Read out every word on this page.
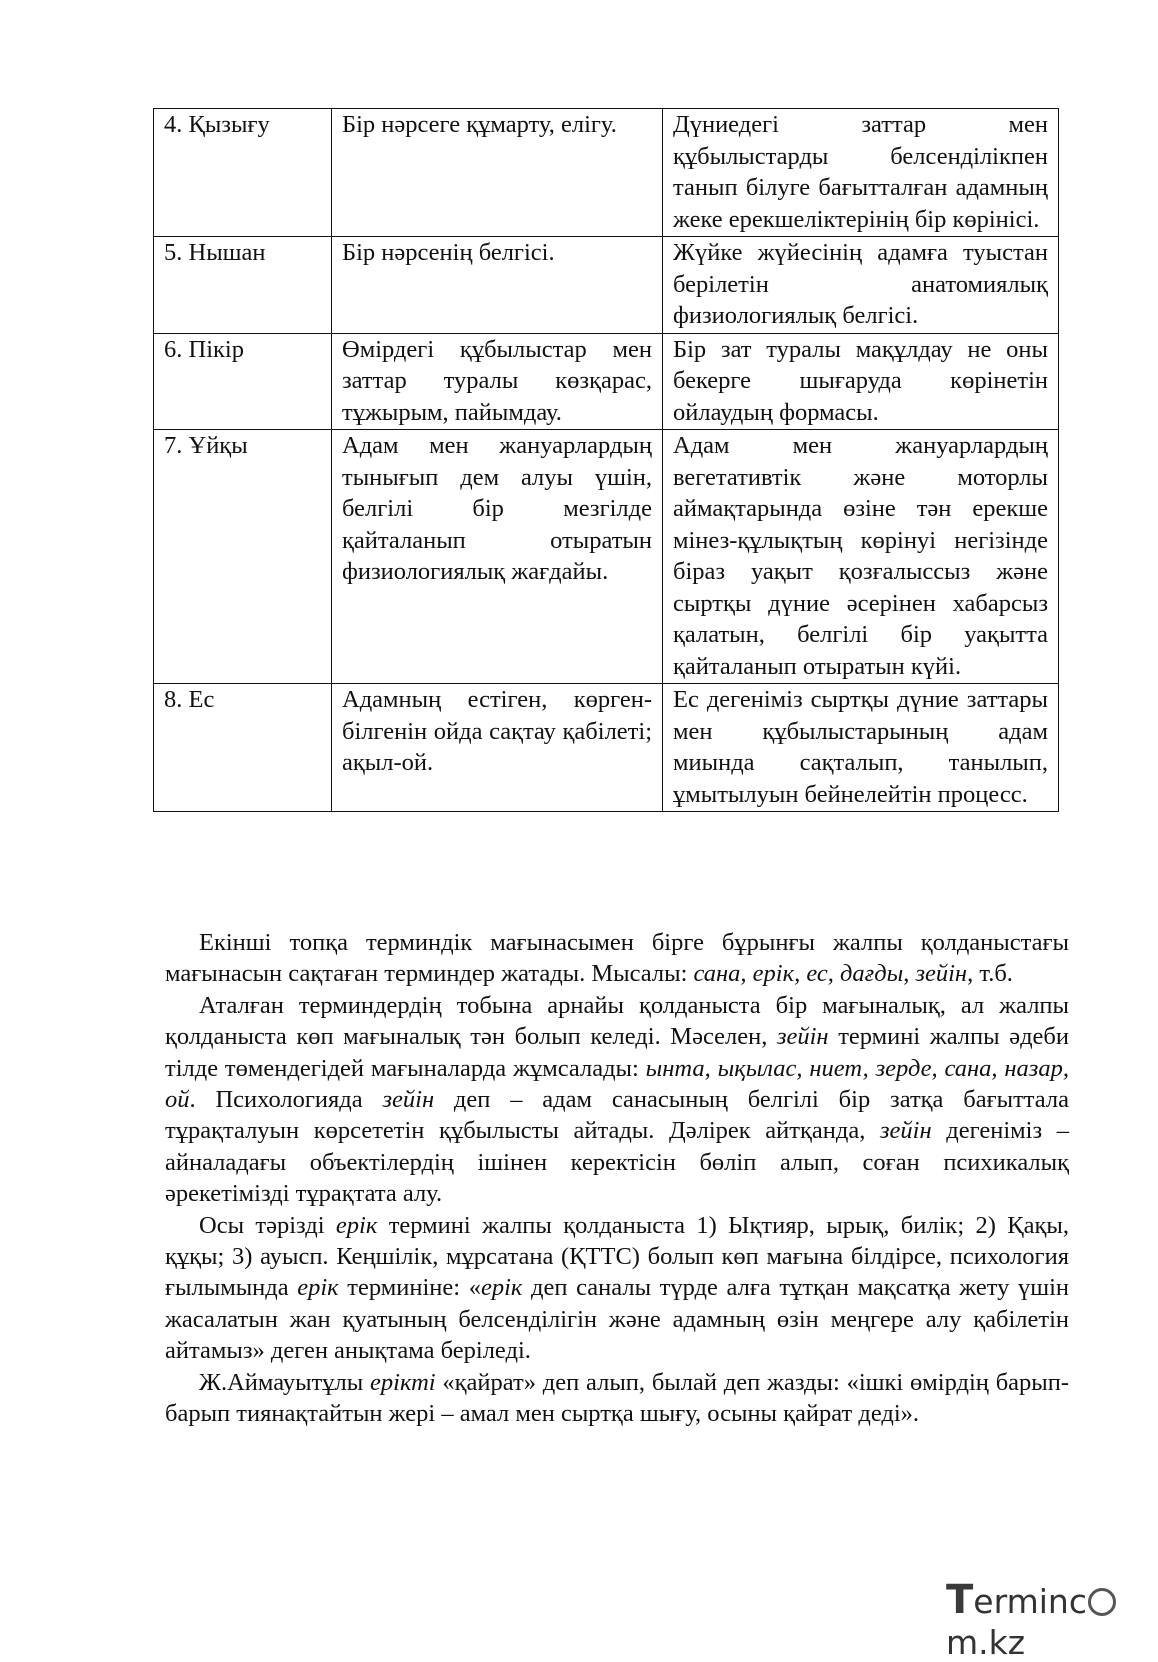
4. Қызығу	Бір нәрсеге құмарту, елігу.	Дүниедегі заттар мен құбылыстарды белсенділікпен танып білуге бағытталған адамның жеке ерекшеліктерінің бір көрінісі.
5. Нышан	Бір нәрсенің белгісі.	Жүйке жүйесінің адамға туыстан берілетін анатомиялық физиологиялық белгісі.
6. Пікір	Өмірдегі құбылыстар мен заттар туралы көзқарас, тұжырым, пайымдау.	Бір зат туралы мақұлдау не оны бекерге шығаруда көрінетін ойлаудың формасы.
7. Ұйқы	Адам мен жануарлардың тынығып дем алуы үшін, белгілі бір мезгілде қайталанып отыратын физиологиялық жағдайы.	Адам мен жануарлардың вегетативтік және моторлы аймақтарында өзіне тән ерекше мінез-құлықтың көрінуі негізінде біраз уақыт қозғалыссыз және сыртқы дүние әсерінен хабарсыз қалатын, белгілі бір уақытта қайталанып отыратын күйі.
8. Ес	Адамның естіген, көрген-білгенін ойда сақтау қабілеті; ақыл-ой.	Ес дегеніміз сыртқы дүние заттары мен құбылыстарының адам миында сақталып, танылып, ұмытылуын бейнелейтін процесс.

Екінші топқа терминдік мағынасымен бірге бұрынғы жалпы қолданыстағы мағынасын сақтаған терминдер жатады. Мысалы: сана, ерік, ес, дағды, зейін, т.б.

Аталған терминдердің тобына арнайы қолданыста бір мағыналық, ал жалпы қолданыста көп мағыналық тән болып келеді. Мәселен, зейін термині жалпы әдеби тілде төмендегідей мағыналарда жұмсалады: ынта, ықылас, ниет, зерде, сана, назар, ой. Психологияда зейін деп – адам санасының белгілі бір затқа бағыттала тұрақталуын көрсететін құбылысты айтады. Дәлірек айтқанда, зейін дегеніміз – айналадағы объектілердің ішінен керектісін бөліп алып, соған психикалық әрекетімізді тұрақтата алу.

Осы тәрізді ерік термині жалпы қолданыста 1) Ықтияр, ырық, билік; 2) Қақы, құқы; 3) ауысп. Кеңшілік, мұрсатана (ҚТТС) болып көп мағына білдірсе, психология ғылымында ерік терминіне: «ерік деп саналы түрде алға тұтқан мақсатқа жету үшін жасалатын жан қуатының белсенділігін және адамның өзін меңгере алу қабілетін айтамыз» деген анықтама беріледі.

Ж.Аймауытұлы ерікті «қайрат» деп алып, былай деп жазды: «ішкі өмірдің барып-барып тиянақтайтын жері – амал мен сыртқа шығу, осыны қайрат деді».

Termincm.kz
